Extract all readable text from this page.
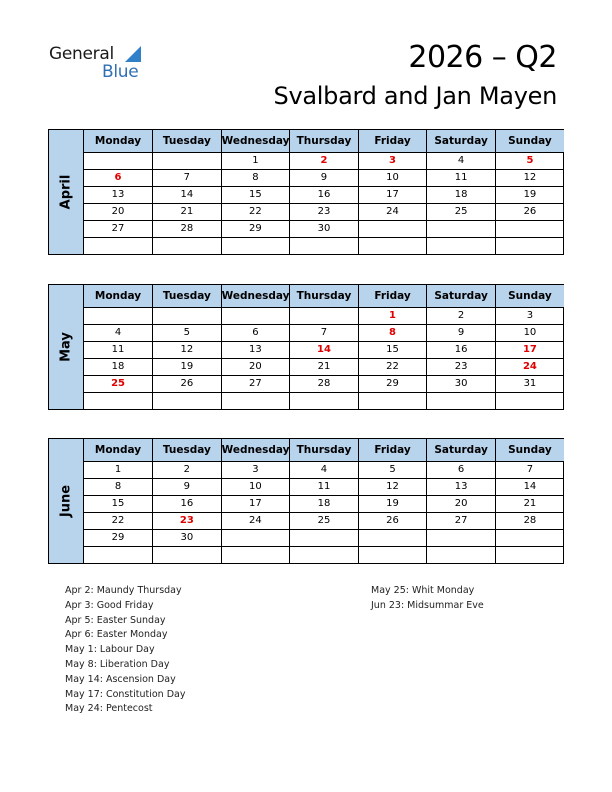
General
Blue	2026 – Q2
Svalbard and Jan Mayen
April
Monday	Tuesday	Wednesday	Thursday	Friday	Saturday	Sunday
		1	2	3	4	5
6	7	8	9	10	11	12
13	14	15	16	17	18	19
20	21	22	23	24	25	26
27	28	29	30			

May
Monday	Tuesday	Wednesday	Thursday	Friday	Saturday	Sunday
				1	2	3
4	5	6	7	8	9	10
11	12	13	14	15	16	17
18	19	20	21	22	23	24
25	26	27	28	29	30	31

June
Monday	Tuesday	Wednesday	Thursday	Friday	Saturday	Sunday
1	2	3	4	5	6	7
8	9	10	11	12	13	14
15	16	17	18	19	20	21
22	23	24	25	26	27	28
29	30					

Apr 2: Maundy Thursday
Apr 3: Good Friday
Apr 5: Easter Sunday
Apr 6: Easter Monday
May 1: Labour Day
May 8: Liberation Day
May 14: Ascension Day
May 17: Constitution Day
May 24: Pentecost
May 25: Whit Monday
Jun 23: Midsummar Eve
